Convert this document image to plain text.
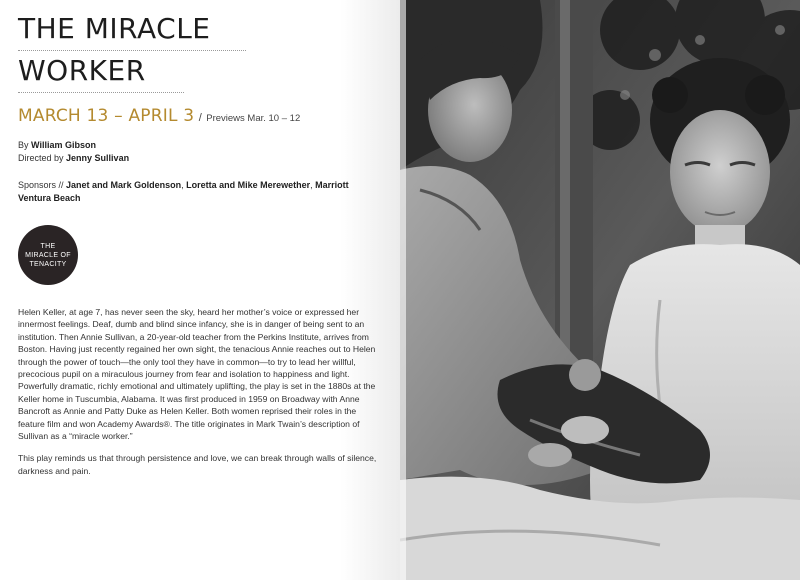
THE MIRACLE
WORKER
MARCH 13 – APRIL 3 / Previews Mar. 10 – 12
By William Gibson
Directed by Jenny Sullivan
Sponsors // Janet and Mark Goldenson, Loretta and Mike Merewether, Marriott Ventura Beach
THE
MIRACLE OF
TENACITY

Helen Keller, at age 7, has never seen the sky, heard her mother’s voice or expressed her innermost feelings. Deaf, dumb and blind since infancy, she is in danger of being sent to an institution. Then Annie Sullivan, a 20-year-old teacher from the Perkins Institute, arrives from Boston. Having just recently regained her own sight, the tenacious Annie reaches out to Helen through the power of touch—the only tool they have in common—to try to lead her willful, precocious pupil on a miraculous journey from fear and isolation to happiness and light. Powerfully dramatic, richly emotional and ultimately uplifting, the play is set in the 1880s at the Keller home in Tuscumbia, Alabama. It was first produced in 1959 on Broadway with Anne Bancroft as Annie and Patty Duke as Helen Keller. Both women reprised their roles in the feature film and won Academy Awards®. The title originates in Mark Twain’s description of Sullivan as a “miracle worker.”

This play reminds us that through persistence and love, we can break through walls of silence, darkness and pain.
